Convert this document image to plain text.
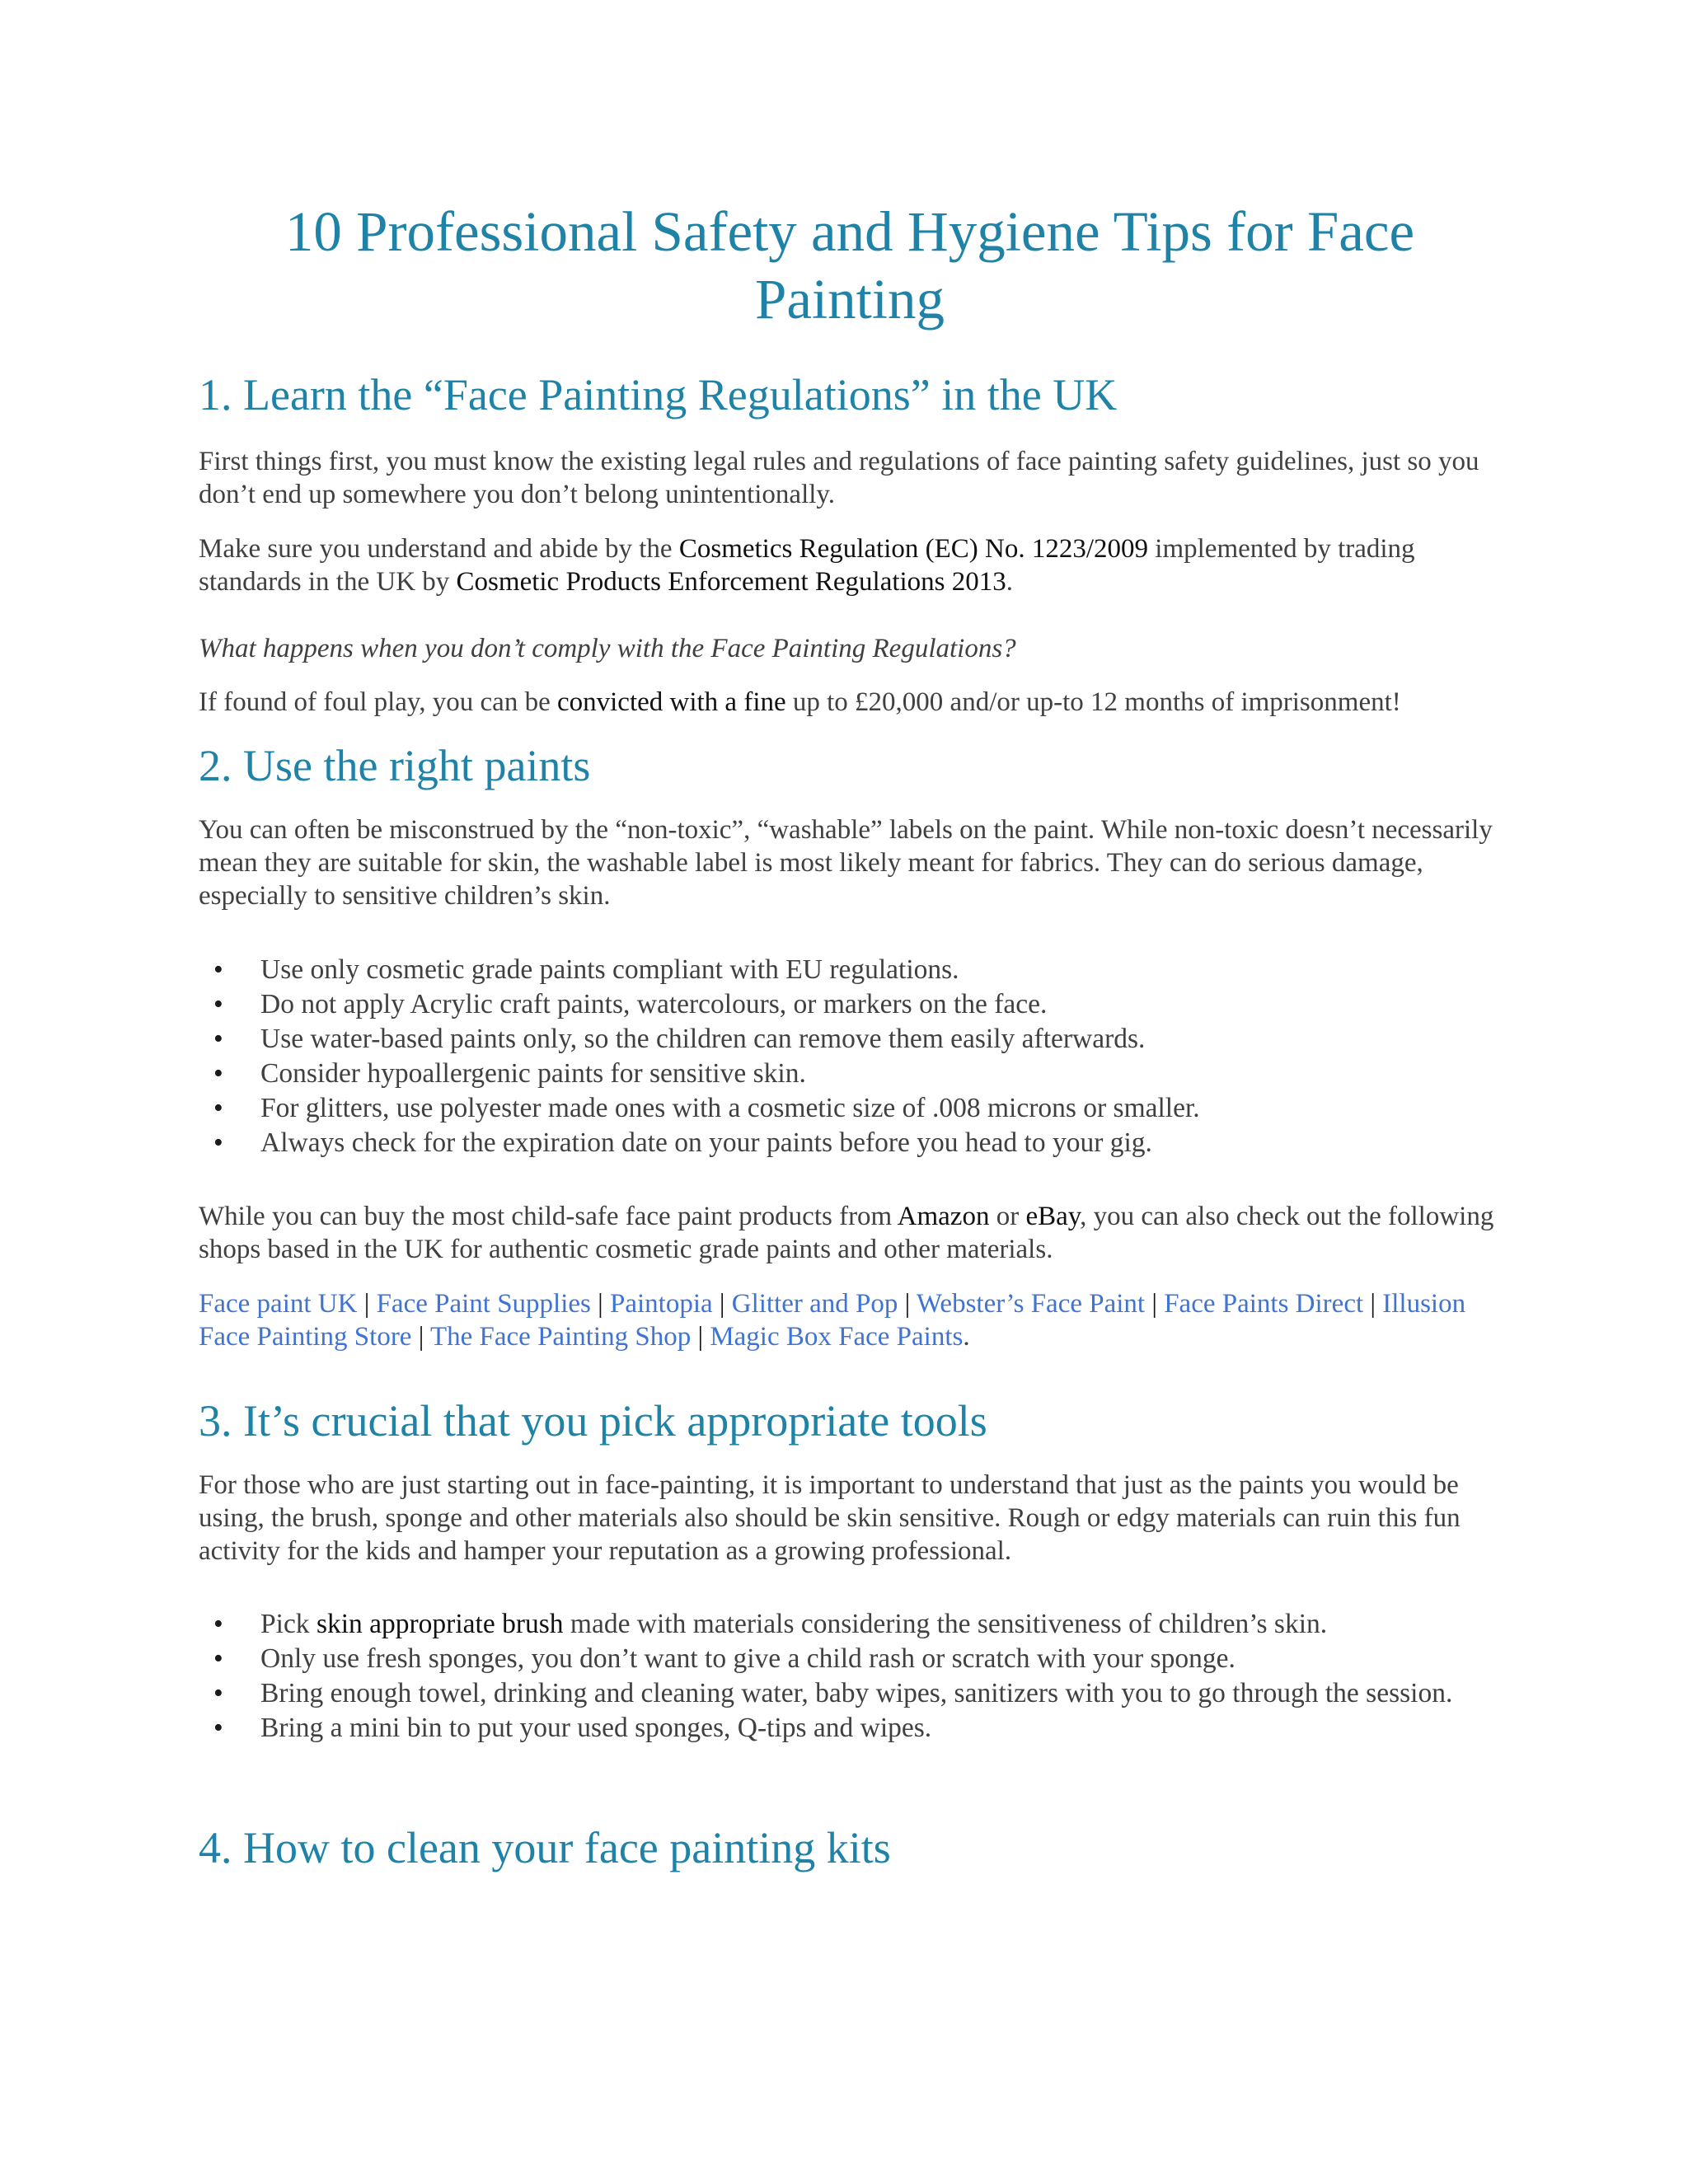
10 Professional Safety and Hygiene Tips for Face Painting
1. Learn the “Face Painting Regulations” in the UK

First things first, you must know the existing legal rules and regulations of face painting safety guidelines, just so you don’t end up somewhere you don’t belong unintentionally.

Make sure you understand and abide by the Cosmetics Regulation (EC) No. 1223/2009 implemented by trading standards in the UK by Cosmetic Products Enforcement Regulations 2013.

What happens when you don’t comply with the Face Painting Regulations?

If found of foul play, you can be convicted with a fine up to £20,000 and/or up-to 12 months of imprisonment!

2. Use the right paints

You can often be misconstrued by the “non-toxic”, “washable” labels on the paint. While non-toxic doesn’t necessarily mean they are suitable for skin, the washable label is most likely meant for fabrics. They can do serious damage, especially to sensitive children’s skin.

• Use only cosmetic grade paints compliant with EU regulations.
• Do not apply Acrylic craft paints, watercolours, or markers on the face.
• Use water-based paints only, so the children can remove them easily afterwards.
• Consider hypoallergenic paints for sensitive skin.
• For glitters, use polyester made ones with a cosmetic size of .008 microns or smaller.
• Always check for the expiration date on your paints before you head to your gig.

While you can buy the most child-safe face paint products from Amazon or eBay, you can also check out the following shops based in the UK for authentic cosmetic grade paints and other materials.

Face paint UK | Face Paint Supplies | Paintopia | Glitter and Pop | Webster’s Face Paint | Face Paints Direct | Illusion Face Painting Store | The Face Painting Shop | Magic Box Face Paints.

3. It’s crucial that you pick appropriate tools

For those who are just starting out in face-painting, it is important to understand that just as the paints you would be using, the brush, sponge and other materials also should be skin sensitive. Rough or edgy materials can ruin this fun activity for the kids and hamper your reputation as a growing professional.

• Pick skin appropriate brush made with materials considering the sensitiveness of children’s skin.
• Only use fresh sponges, you don’t want to give a child rash or scratch with your sponge.
• Bring enough towel, drinking and cleaning water, baby wipes, sanitizers with you to go through the session.
• Bring a mini bin to put your used sponges, Q-tips and wipes.
4. How to clean your face painting kits
